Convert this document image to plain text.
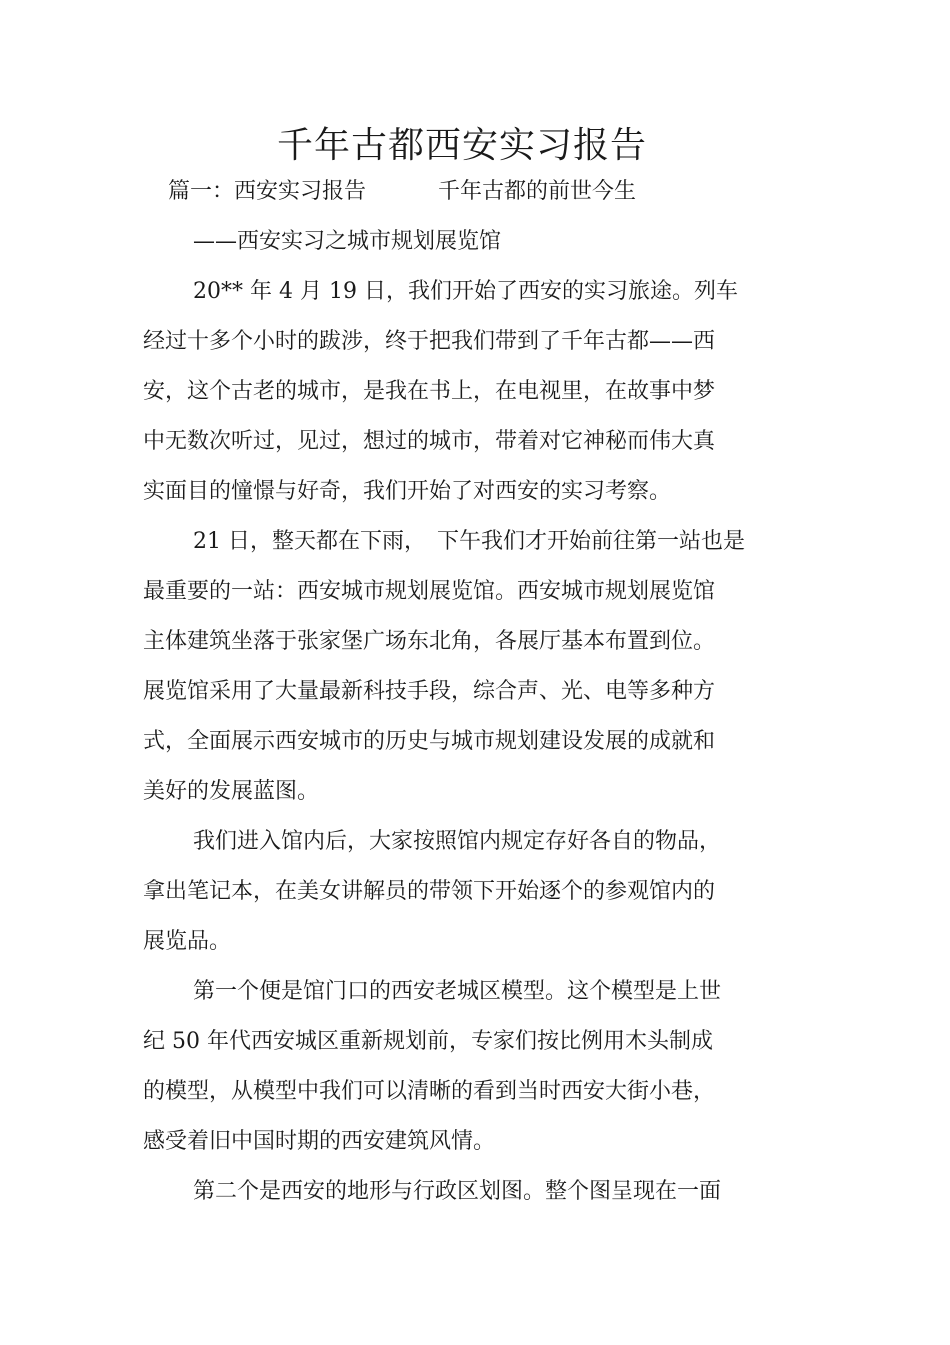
千年古都西安实习报告

篇一：西安实习报告	千年古都的前世今生

——西安实习之城市规划展览馆

20** 年 4 月 19 日，我们开始了西安的实习旅途。列车

经过十多个小时的跋涉，终于把我们带到了千年古都——西

安，这个古老的城市，是我在书上，在电视里，在故事中梦

中无数次听过，见过，想过的城市，带着对它神秘而伟大真

实面目的憧憬与好奇，我们开始了对西安的实习考察。

21 日，整天都在下雨，　下午我们才开始前往第一站也是

最重要的一站：西安城市规划展览馆。西安城市规划展览馆

主体建筑坐落于张家堡广场东北角，各展厅基本布置到位。

展览馆采用了大量最新科技手段，综合声、光、电等多种方

式，全面展示西安城市的历史与城市规划建设发展的成就和

美好的发展蓝图。

我们进入馆内后，大家按照馆内规定存好各自的物品，

拿出笔记本，在美女讲解员的带领下开始逐个的参观馆内的

展览品。

第一个便是馆门口的西安老城区模型。这个模型是上世

纪 50 年代西安城区重新规划前，专家们按比例用木头制成

的模型，从模型中我们可以清晰的看到当时西安大街小巷，

感受着旧中国时期的西安建筑风情。

第二个是西安的地形与行政区划图。整个图呈现在一面
